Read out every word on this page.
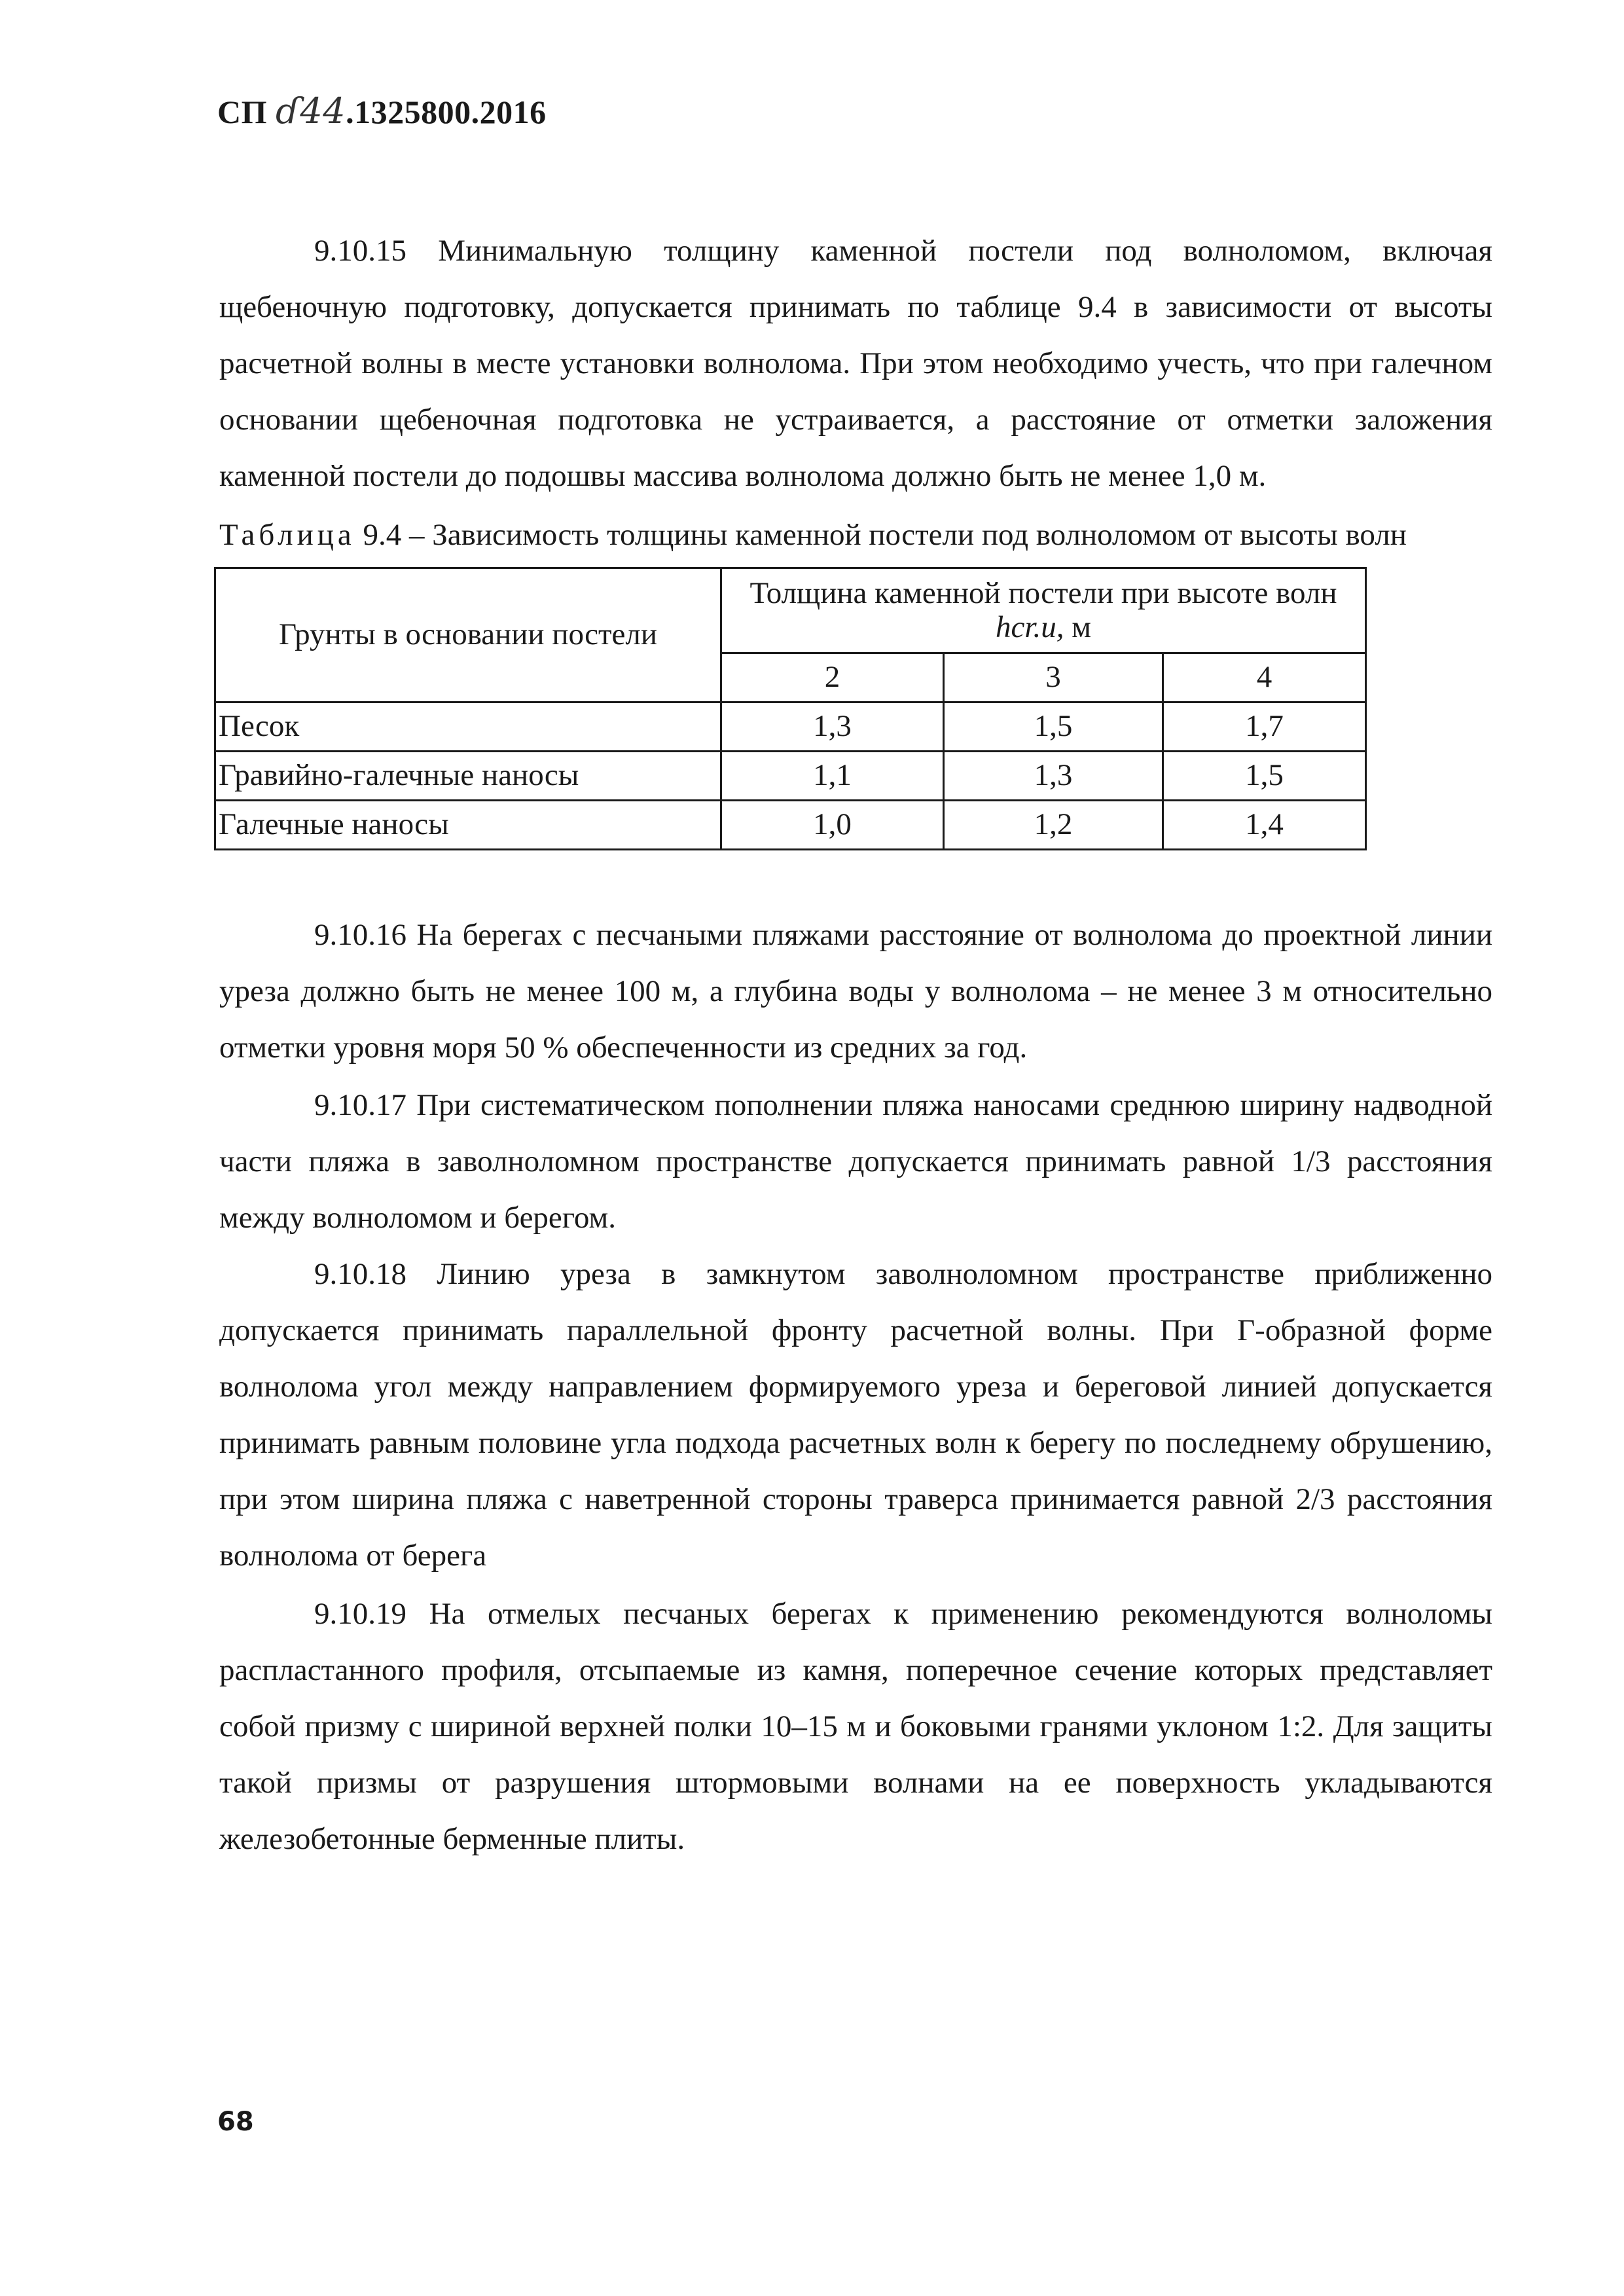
СП ɗ44.1325800.2016

9.10.15 Минимальную толщину каменной постели под волноломом, включая щебеночную подготовку, допускается принимать по таблице 9.4 в зависимости от высоты расчетной волны в месте установки волнолома. При этом необходимо учесть, что при галечном основании щебеночная подготовка не устраивается, а расстояние от отметки заложения каменной постели до подошвы массива волнолома должно быть не менее 1,0 м.

Таблица 9.4 – Зависимость толщины каменной постели под волноломом от высоты волн
Грунты в основании постели	Толщина каменной постели при высоте волн
hcr.u, м		
	2	3	4
Песок	1,3	1,5	1,7
Гравийно-галечные наносы	1,1	1,3	1,5
Галечные наносы	1,0	1,2	1,4

9.10.16 На берегах с песчаными пляжами расстояние от волнолома до проектной линии уреза должно быть не менее 100 м, а глубина воды у волнолома – не менее 3 м относительно отметки уровня моря 50 % обеспеченности из средних за год.

9.10.17 При систематическом пополнении пляжа наносами среднюю ширину надводной части пляжа в заволноломном пространстве допускается принимать равной 1/3 расстояния между волноломом и берегом.

9.10.18 Линию уреза в замкнутом заволноломном пространстве приближенно допускается принимать параллельной фронту расчетной волны. При Г-образной форме волнолома угол между направлением формируемого уреза и береговой линией допускается принимать равным половине угла подхода расчетных волн к берегу по последнему обрушению, при этом ширина пляжа с наветренной стороны траверса принимается равной 2/3 расстояния волнолома от берега

9.10.19 На отмелых песчаных берегах к применению рекомендуются волноломы распластанного профиля, отсыпаемые из камня, поперечное сечение которых представляет собой призму с шириной верхней полки 10–15 м и боковыми гранями уклоном 1:2. Для защиты такой призмы от разрушения штормовыми волнами на ее поверхность укладываются железобетонные берменные плиты.

68
